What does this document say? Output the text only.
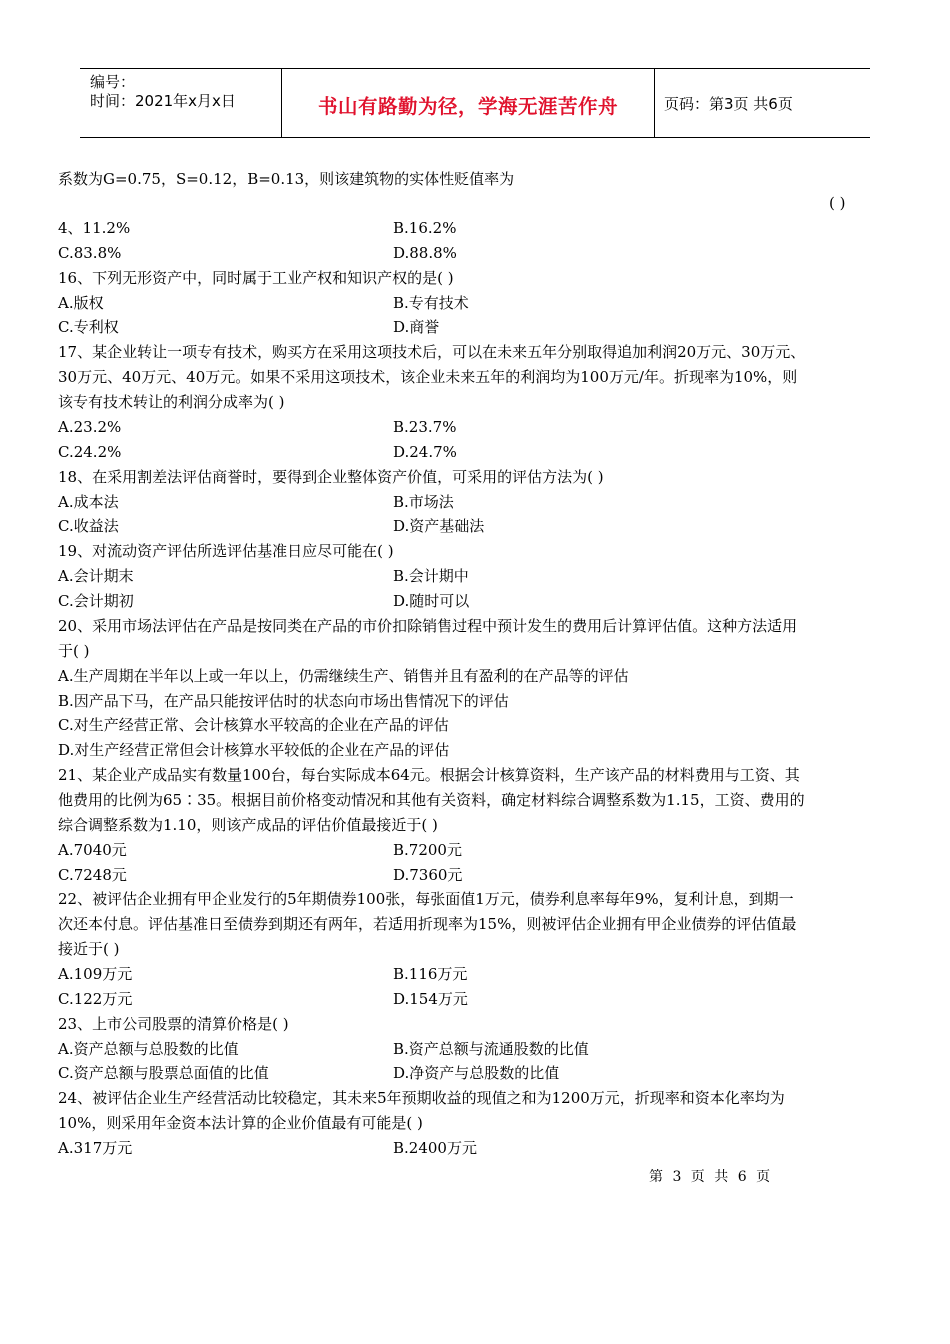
编号：
时间：2021年x月x日	书山有路勤为径，学海无涯苦作舟	页码：第3页 共6页
系数为G=0.75，S=0.12，B=0.13，则该建筑物的实体性贬值率为
( )
4、11.2%	B.16.2%
C.83.8%	D.88.8%
16、下列无形资产中，同时属于工业产权和知识产权的是( )
A.版权	B.专有技术
C.专利权	D.商誉
17、某企业转让一项专有技术，购买方在采用这项技术后，可以在未来五年分别取得追加利润20万元、30万元、
30万元、40万元、40万元。如果不采用这项技术，该企业未来五年的利润均为100万元/年。折现率为10%，则
该专有技术转让的利润分成率为( )
A.23.2%	B.23.7%
C.24.2%	D.24.7%
18、在采用割差法评估商誉时，要得到企业整体资产价值，可采用的评估方法为( )
A.成本法	B.市场法
C.收益法	D.资产基础法
19、对流动资产评估所选评估基准日应尽可能在( )
A.会计期末	B.会计期中
C.会计期初	D.随时可以
20、采用市场法评估在产品是按同类在产品的市价扣除销售过程中预计发生的费用后计算评估值。这种方法适用
于( )
A.生产周期在半年以上或一年以上，仍需继续生产、销售并且有盈利的在产品等的评估
B.因产品下马，在产品只能按评估时的状态向市场出售情况下的评估
C.对生产经营正常、会计核算水平较高的企业在产品的评估
D.对生产经营正常但会计核算水平较低的企业在产品的评估
21、某企业产成品实有数量100台，每台实际成本64元。根据会计核算资料，生产该产品的材料费用与工资、其
他费用的比例为65∶35。根据目前价格变动情况和其他有关资料，确定材料综合调整系数为1.15，工资、费用的
综合调整系数为1.10，则该产成品的评估价值最接近于( )
A.7040元	B.7200元
C.7248元	D.7360元
22、被评估企业拥有甲企业发行的5年期债券100张，每张面值1万元，债券利息率每年9%，复利计息，到期一
次还本付息。评估基准日至债券到期还有两年，若适用折现率为15%，则被评估企业拥有甲企业债券的评估值最
接近于( )
A.109万元	B.116万元
C.122万元	D.154万元
23、上市公司股票的清算价格是( )
A.资产总额与总股数的比值	B.资产总额与流通股数的比值
C.资产总额与股票总面值的比值	D.净资产与总股数的比值
24、被评估企业生产经营活动比较稳定，其未来5年预期收益的现值之和为1200万元，折现率和资本化率均为
10%，则采用年金资本法计算的企业价值最有可能是( )
A.317万元	B.2400万元
第 3 页 共 6 页
